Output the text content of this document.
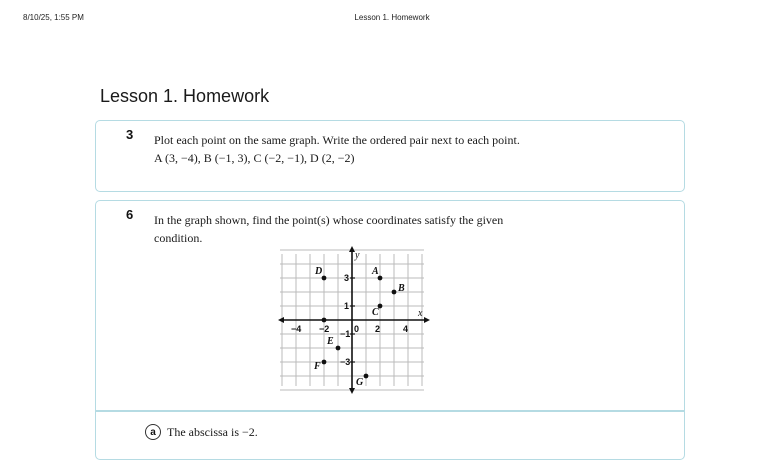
8/10/25, 1:55 PM	Lesson 1. Homework
Lesson 1. Homework
3 Plot each point on the same graph. Write the ordered pair next to each point.
A (3, −4), B (−1, 3), C (−2, −1), D (2, −2)
6 In the graph shown, find the point(s) whose coordinates satisfy the given condition.
x
y
−4 −2	0 2	4
3
1
−1
−3
A
B
C
D
E
F
G
a The abscissa is −2.
